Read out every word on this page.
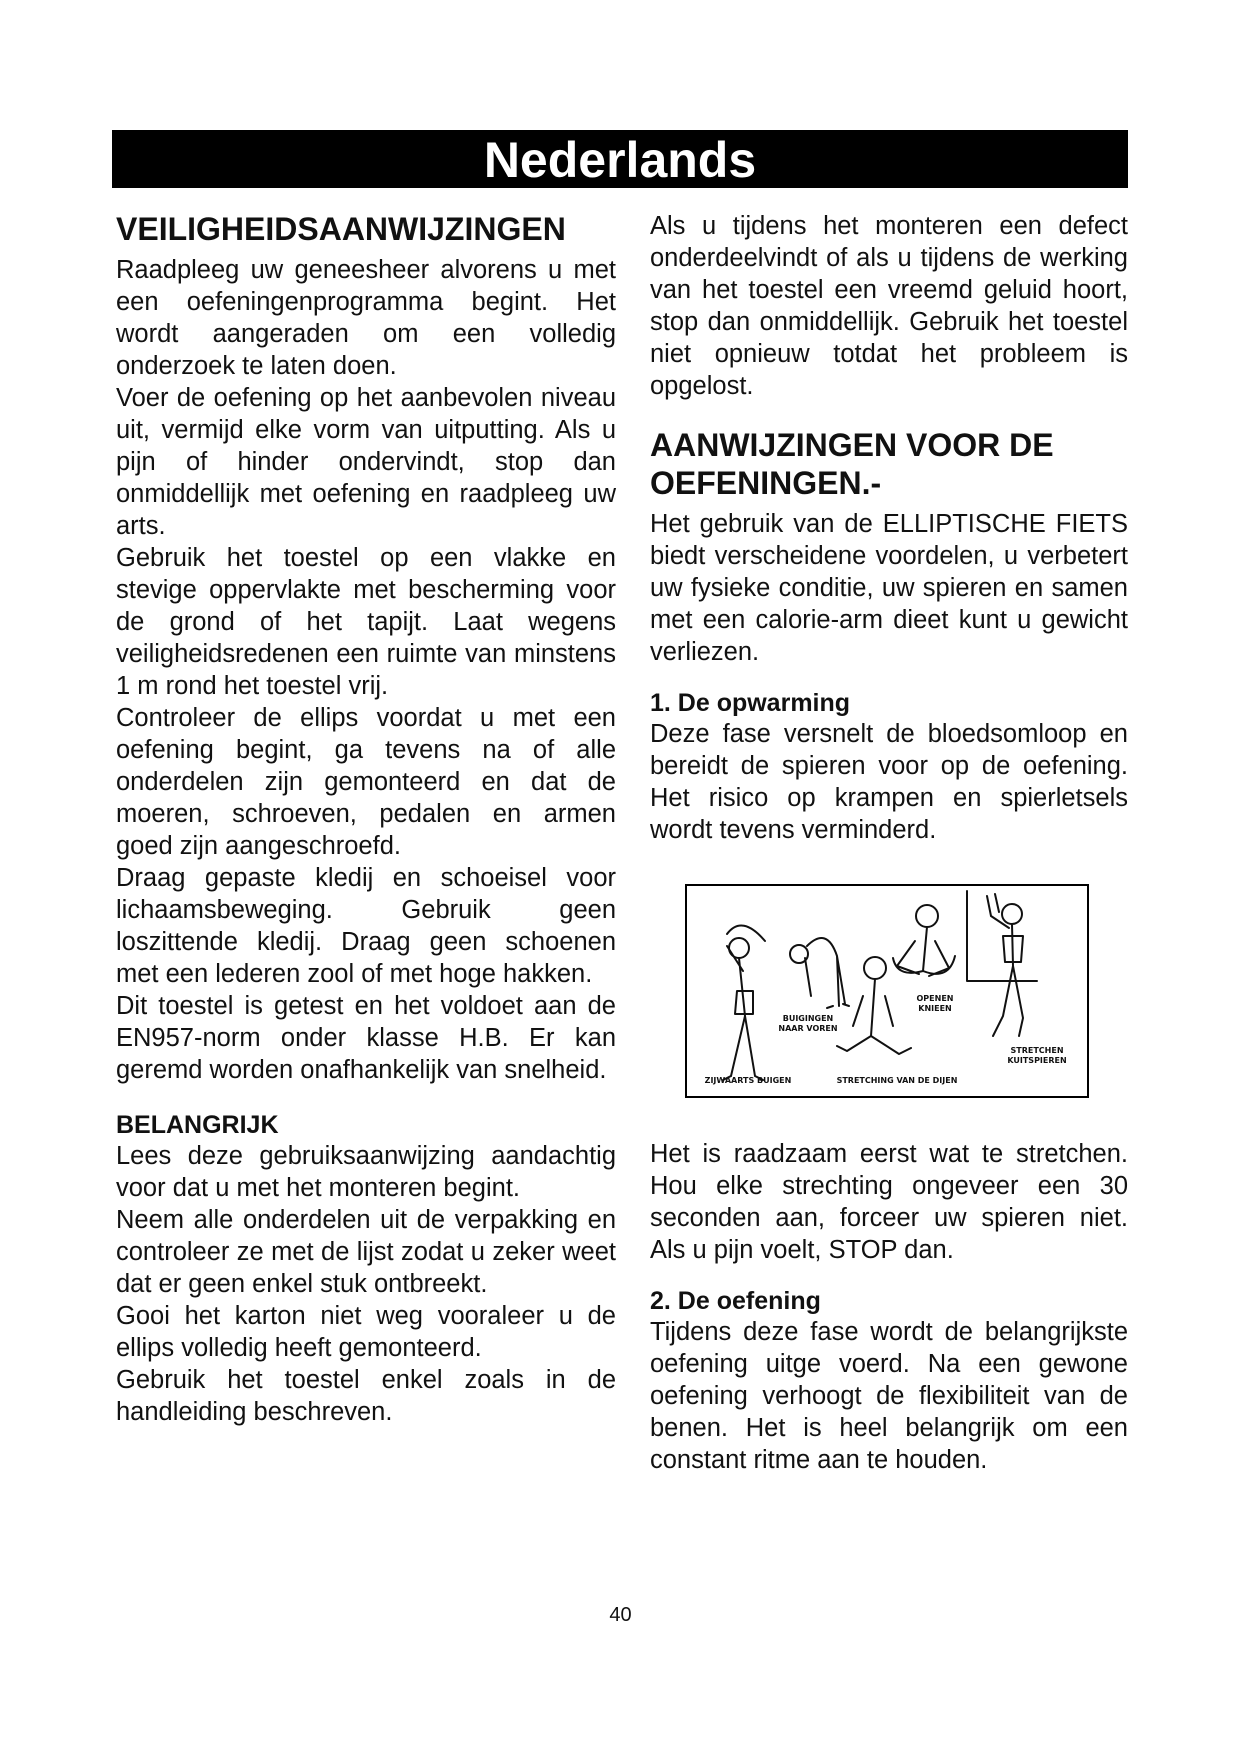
Nederlands
VEILIGHEIDSAANWIJZINGEN

Raadpleeg uw geneesheer alvorens u met een oefeningenprogramma begint. Het wordt aangeraden om een volledig onderzoek te laten doen.

Voer de oefening op het aanbevolen niveau uit, vermijd elke vorm van uitputting. Als u pijn of hinder ondervindt, stop dan onmiddellijk met oefening en raadpleeg uw arts.

Gebruik het toestel op een vlakke en stevige oppervlakte met bescherming voor de grond of het tapijt. Laat wegens veiligheidsredenen een ruimte van minstens 1 m rond het toestel vrij.

Controleer de ellips voordat u met een oefening begint, ga tevens na of alle onderdelen zijn gemonteerd en dat de moeren, schroeven, pedalen en armen goed zijn aangeschroefd.

Draag gepaste kledij en schoeisel voor lichaamsbeweging. Gebruik geen loszittende kledij. Draag geen schoenen met een lederen zool of met hoge hakken.

Dit toestel is getest en het voldoet aan de EN957-norm onder klasse H.B. Er kan geremd worden onafhankelijk van snelheid.

BELANGRIJK

Lees deze gebruiksaanwijzing aandachtig voor dat u met het monteren begint.

Neem alle onderdelen uit de verpakking en controleer ze met de lijst zodat u zeker weet dat er geen enkel stuk ontbreekt.

Gooi het karton niet weg vooraleer u de ellips volledig heeft gemonteerd.

Gebruik het toestel enkel zoals in de handleiding beschreven.

Als u tijdens het monteren een defect onderdeelvindt of als u tijdens de werking van het toestel een vreemd geluid hoort, stop dan onmiddellijk. Gebruik het toestel niet opnieuw totdat het probleem is opgelost.

AANWIJZINGEN VOOR DE OEFENINGEN.-

Het gebruik van de ELLIPTISCHE FIETS biedt verscheidene voordelen, u verbetert uw fysieke conditie, uw spieren en samen met een calorie-arm dieet kunt u gewicht verliezen.

1. De opwarming

Deze fase versnelt de bloedsomloop en bereidt de spieren voor op de oefening. Het risico op krampen en spierletsels wordt tevens verminderd.

ZIJWAARTS BUIGEN
BUIGINGEN NAAR VOREN
OPENEN KNIEEN
STRETCHING VAN DE DIJEN
STRETCHEN KUITSPIEREN

Het is raadzaam eerst wat te stretchen. Hou elke strechting ongeveer een 30 seconden aan, forceer uw spieren niet. Als u pijn voelt, STOP dan.

2. De oefening

Tijdens deze fase wordt de belangrijkste oefening uitge voerd. Na een gewone oefening verhoogt de flexibiliteit van de benen. Het is heel belangrijk om een constant ritme aan te houden.

40
